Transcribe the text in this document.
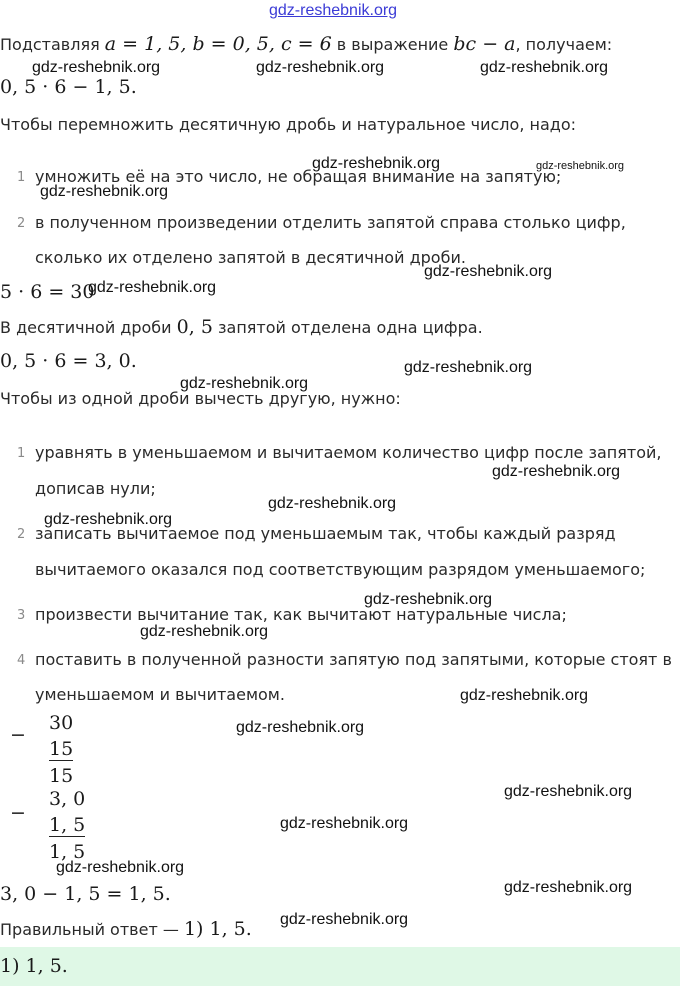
gdz-reshebnik.org
Подставляя a = 1, 5, b = 0, 5, c = 6 в выражение bc − a, получаем:
0, 5 · 6 − 1, 5.
Чтобы перемножить десятичную дробь и натуральное число, надо:
1 умножить её на это число, не обращая внимание на запятую;
2 в полученном произведении отделить запятой справа столько цифр,
сколько их отделено запятой в десятичной дроби.
5 · 6 = 30
В десятичной дроби 0, 5 запятой отделена одна цифра.
0, 5 · 6 = 3, 0.
Чтобы из одной дроби вычесть другую, нужно:
1 уравнять в уменьшаемом и вычитаемом количество цифр после запятой,
дописав нули;
2 записать вычитаемое под уменьшаемым так, чтобы каждый разряд
вычитаемого оказался под соответствующим разрядом уменьшаемого;
3 произвести вычитание так, как вычитают натуральные числа;
4 поставить в полученной разности запятую под запятыми, которые стоят в
уменьшаемом и вычитаемом.
−
30
15
15
−
3, 0
1, 5
1, 5
3, 0 − 1, 5 = 1, 5.
Правильный ответ — 1) 1, 5.
1) 1, 5.
gdz-reshebnik.org	gdz-reshebnik.org	gdz-reshebnik.org
gdz-reshebnik.org	gdz-reshebnik.org
gdz-reshebnik.org
gdz-reshebnik.org
gdz-reshebnik.org
gdz-reshebnik.org
gdz-reshebnik.org
gdz-reshebnik.org
gdz-reshebnik.org
gdz-reshebnik.org
gdz-reshebnik.org
gdz-reshebnik.org
gdz-reshebnik.org
gdz-reshebnik.org
gdz-reshebnik.org
gdz-reshebnik.org
gdz-reshebnik.org
gdz-reshebnik.org
gdz-reshebnik.org
